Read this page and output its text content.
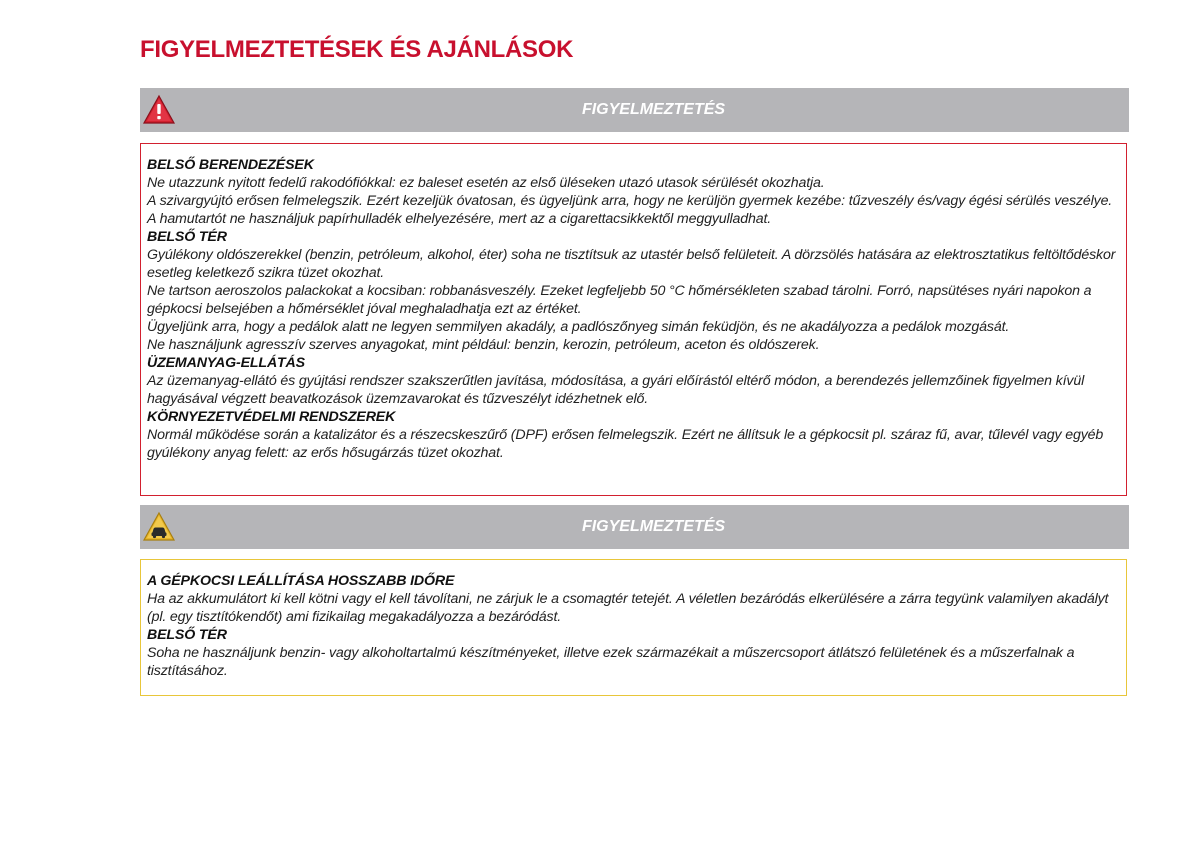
FIGYELMEZTETÉSEK ÉS AJÁNLÁSOK
FIGYELMEZTETÉS

BELSŐ BERENDEZÉSEK

Ne utazzunk nyitott fedelű rakodófiókkal: ez baleset esetén az első üléseken utazó utasok sérülését okozhatja.

A szivargyújtó erősen felmelegszik. Ezért kezeljük óvatosan, és ügyeljünk arra, hogy ne kerüljön gyermek kezébe: tűzveszély és/vagy égési sérülés veszélye.

A hamutartót ne használjuk papírhulladék elhelyezésére, mert az a cigarettacsikkektől meggyulladhat.

BELSŐ TÉR

Gyúlékony oldószerekkel (benzin, petróleum, alkohol, éter) soha ne tisztítsuk az utastér belső felületeit. A dörzsölés hatására az elektrosztatikus feltöltődéskor esetleg keletkező szikra tüzet okozhat.

Ne tartson aeroszolos palackokat a kocsiban: robbanásveszély. Ezeket legfeljebb 50 °C hőmérsékleten szabad tárolni. Forró, napsütéses nyári napokon a gépkocsi belsejében a hőmérséklet jóval meghaladhatja ezt az értéket.

Ügyeljünk arra, hogy a pedálok alatt ne legyen semmilyen akadály, a padlószőnyeg simán feküdjön, és ne akadályozza a pedálok mozgását.

Ne használjunk agresszív szerves anyagokat, mint például: benzin, kerozin, petróleum, aceton és oldószerek.

ÜZEMANYAG-ELLÁTÁS

Az üzemanyag-ellátó és gyújtási rendszer szakszerűtlen javítása, módosítása, a gyári előírástól eltérő módon, a berendezés jellemzőinek figyelmen kívül hagyásával végzett beavatkozások üzemzavarokat és tűzveszélyt idézhetnek elő.

KÖRNYEZETVÉDELMI RENDSZEREK

Normál működése során a katalizátor és a részecskeszűrő (DPF) erősen felmelegszik. Ezért ne állítsuk le a gépkocsit pl. száraz fű, avar, tűlevél vagy egyéb gyúlékony anyag felett: az erős hősugárzás tüzet okozhat.

FIGYELMEZTETÉS

A GÉPKOCSI LEÁLLÍTÁSA HOSSZABB IDŐRE

Ha az akkumulátort ki kell kötni vagy el kell távolítani, ne zárjuk le a csomagtér tetejét. A véletlen bezáródás elkerülésére a zárra tegyünk valamilyen akadályt (pl. egy tisztítókendőt) ami fizikailag megakadályozza a bezáródást.

BELSŐ TÉR

Soha ne használjunk benzin- vagy alkoholtartalmú készítményeket, illetve ezek származékait a műszercsoport átlátszó felületének és a műszerfalnak a tisztításához.
